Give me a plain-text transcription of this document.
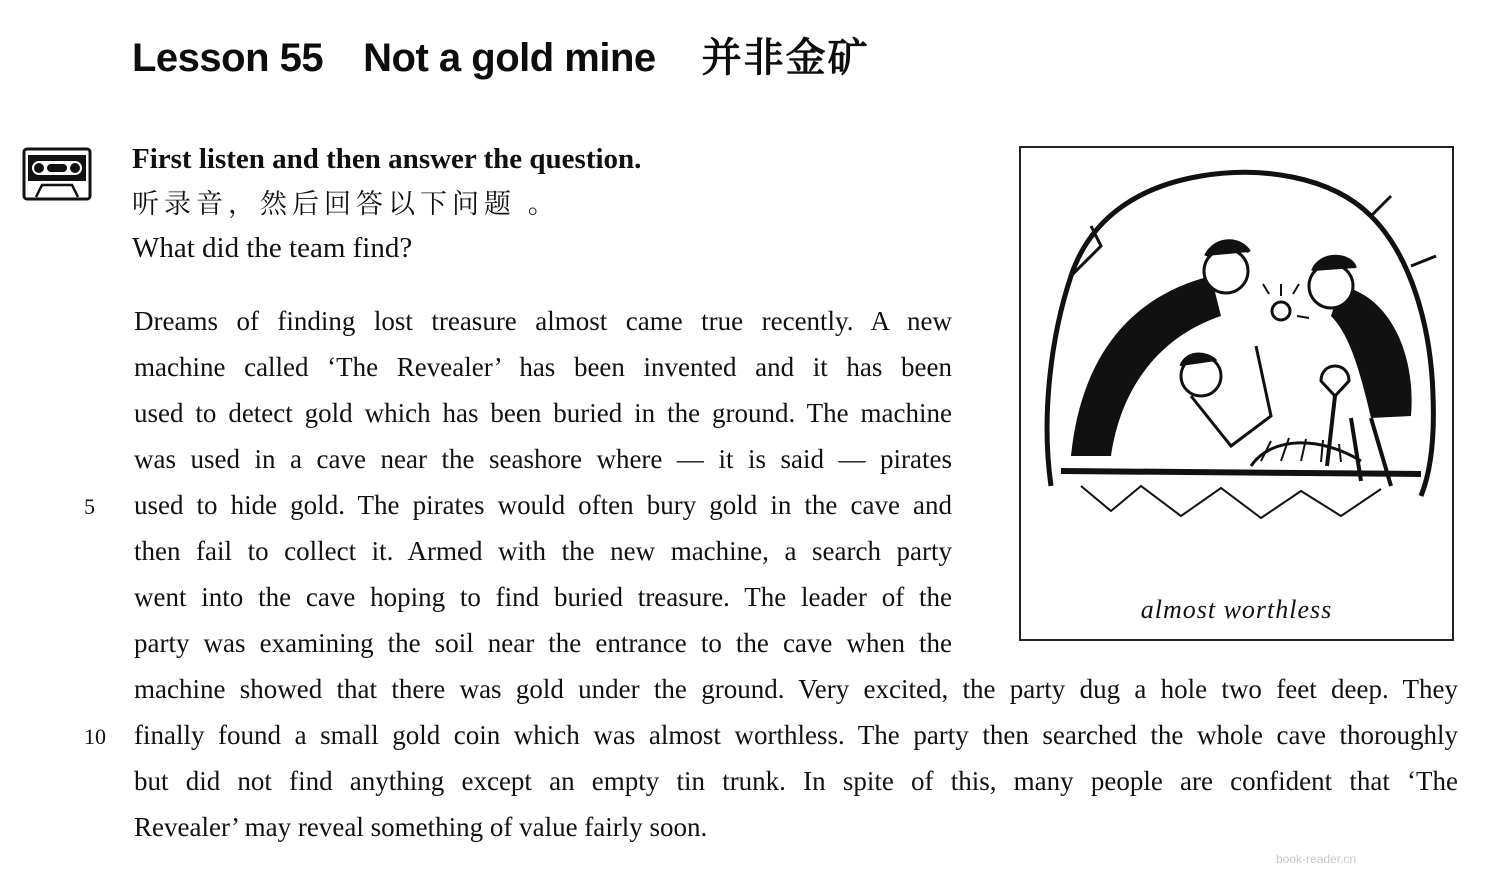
Lesson 55 Not a gold mine 并非金矿
First listen and then answer the question.
听录音，然后回答以下问题 。
What did the team find?
Dreams of finding lost treasure almost came true recently. A new
machine called ‘The Revealer’ has been invented and it has been
used to detect gold which has been buried in the ground. The machine
was used in a cave near the seashore where — it is said — pirates
5 used to hide gold. The pirates would often bury gold in the cave and
then fail to collect it. Armed with the new machine, a search party
went into the cave hoping to find buried treasure. The leader of the
party was examining the soil near the entrance to the cave when the
machine showed that there was gold under the ground. Very excited, the party dug a hole two feet deep. They
10 finally found a small gold coin which was almost worthless. The party then searched the whole cave thoroughly
but did not find anything except an empty tin trunk. In spite of this, many people are confident that ‘The
Revealer’ may reveal something of value fairly soon.
almost worthless
book-reader.cn
